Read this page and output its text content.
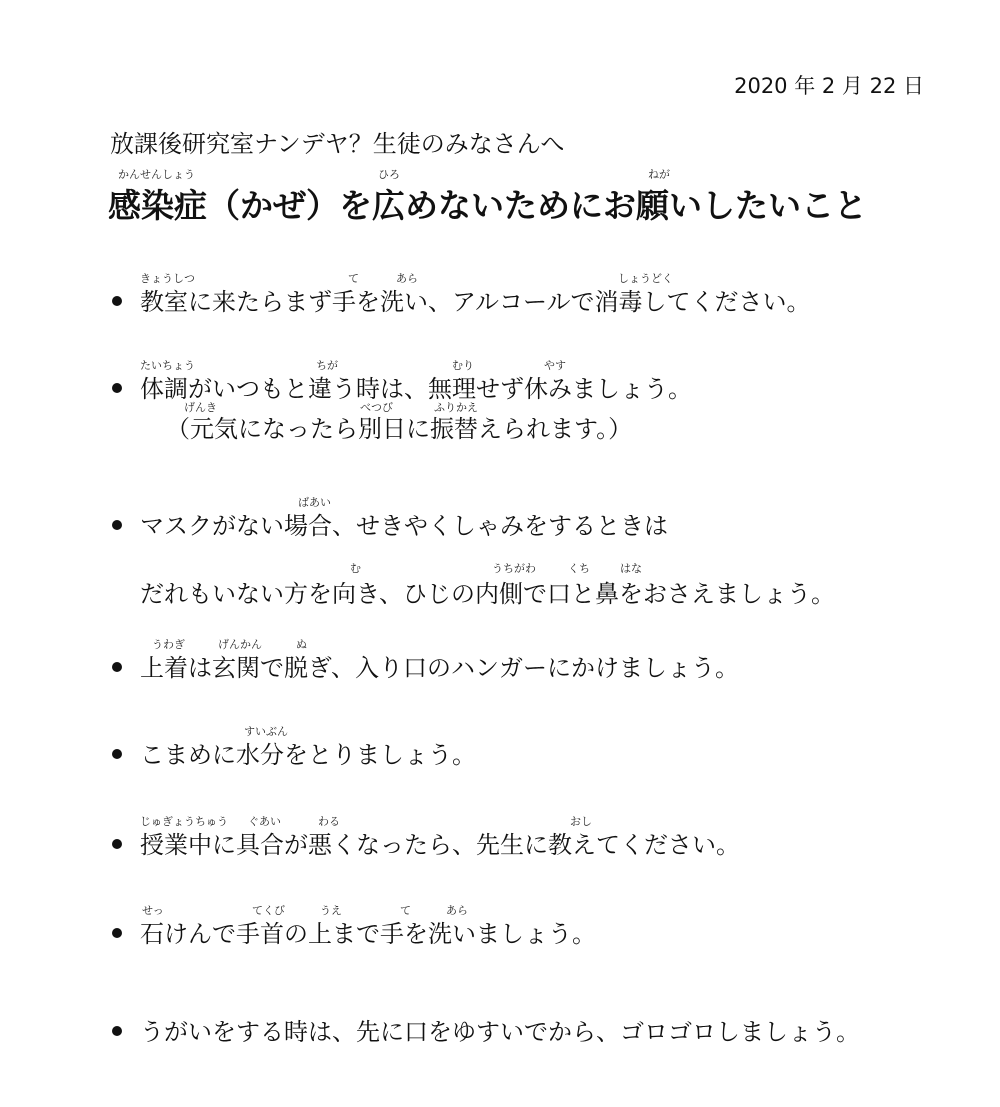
2020 年 2 月 22 日
放課後研究室ナンデヤ？生徒のみなさんへ
かんせんしょう	ひろ	ねが
感染症（かぜ）を広めないためにお願いしたいこと
教室に来たらまず手を洗い、アルコールで消毒してください。
きょうしつ	て	あら	しょうどく
体調がいつもと違う時は、無理せず休みましょう。
たいちょう	ちが	むり	やす
（元気になったら別日に振替えられます。）
げんき	べつび	ふりかえ
マスクがない場合、せきやくしゃみをするときは
ばあい
だれもいない方を向き、ひじの内側で口と鼻をおさえましょう。
む	うちがわ	くち	はな
上着は玄関で脱ぎ、入り口のハンガーにかけましょう。
うわぎ	げんかん	ぬ
こまめに水分をとりましょう。
すいぶん
授業中に具合が悪くなったら、先生に教えてください。
じゅぎょうちゅう ぐあい	わる	おし
石けんで手首の上まで手を洗いましょう。
せっ	てくび	うえ	て	あら
うがいをする時は、先に口をゆすいでから、ゴロゴロしましょう。
